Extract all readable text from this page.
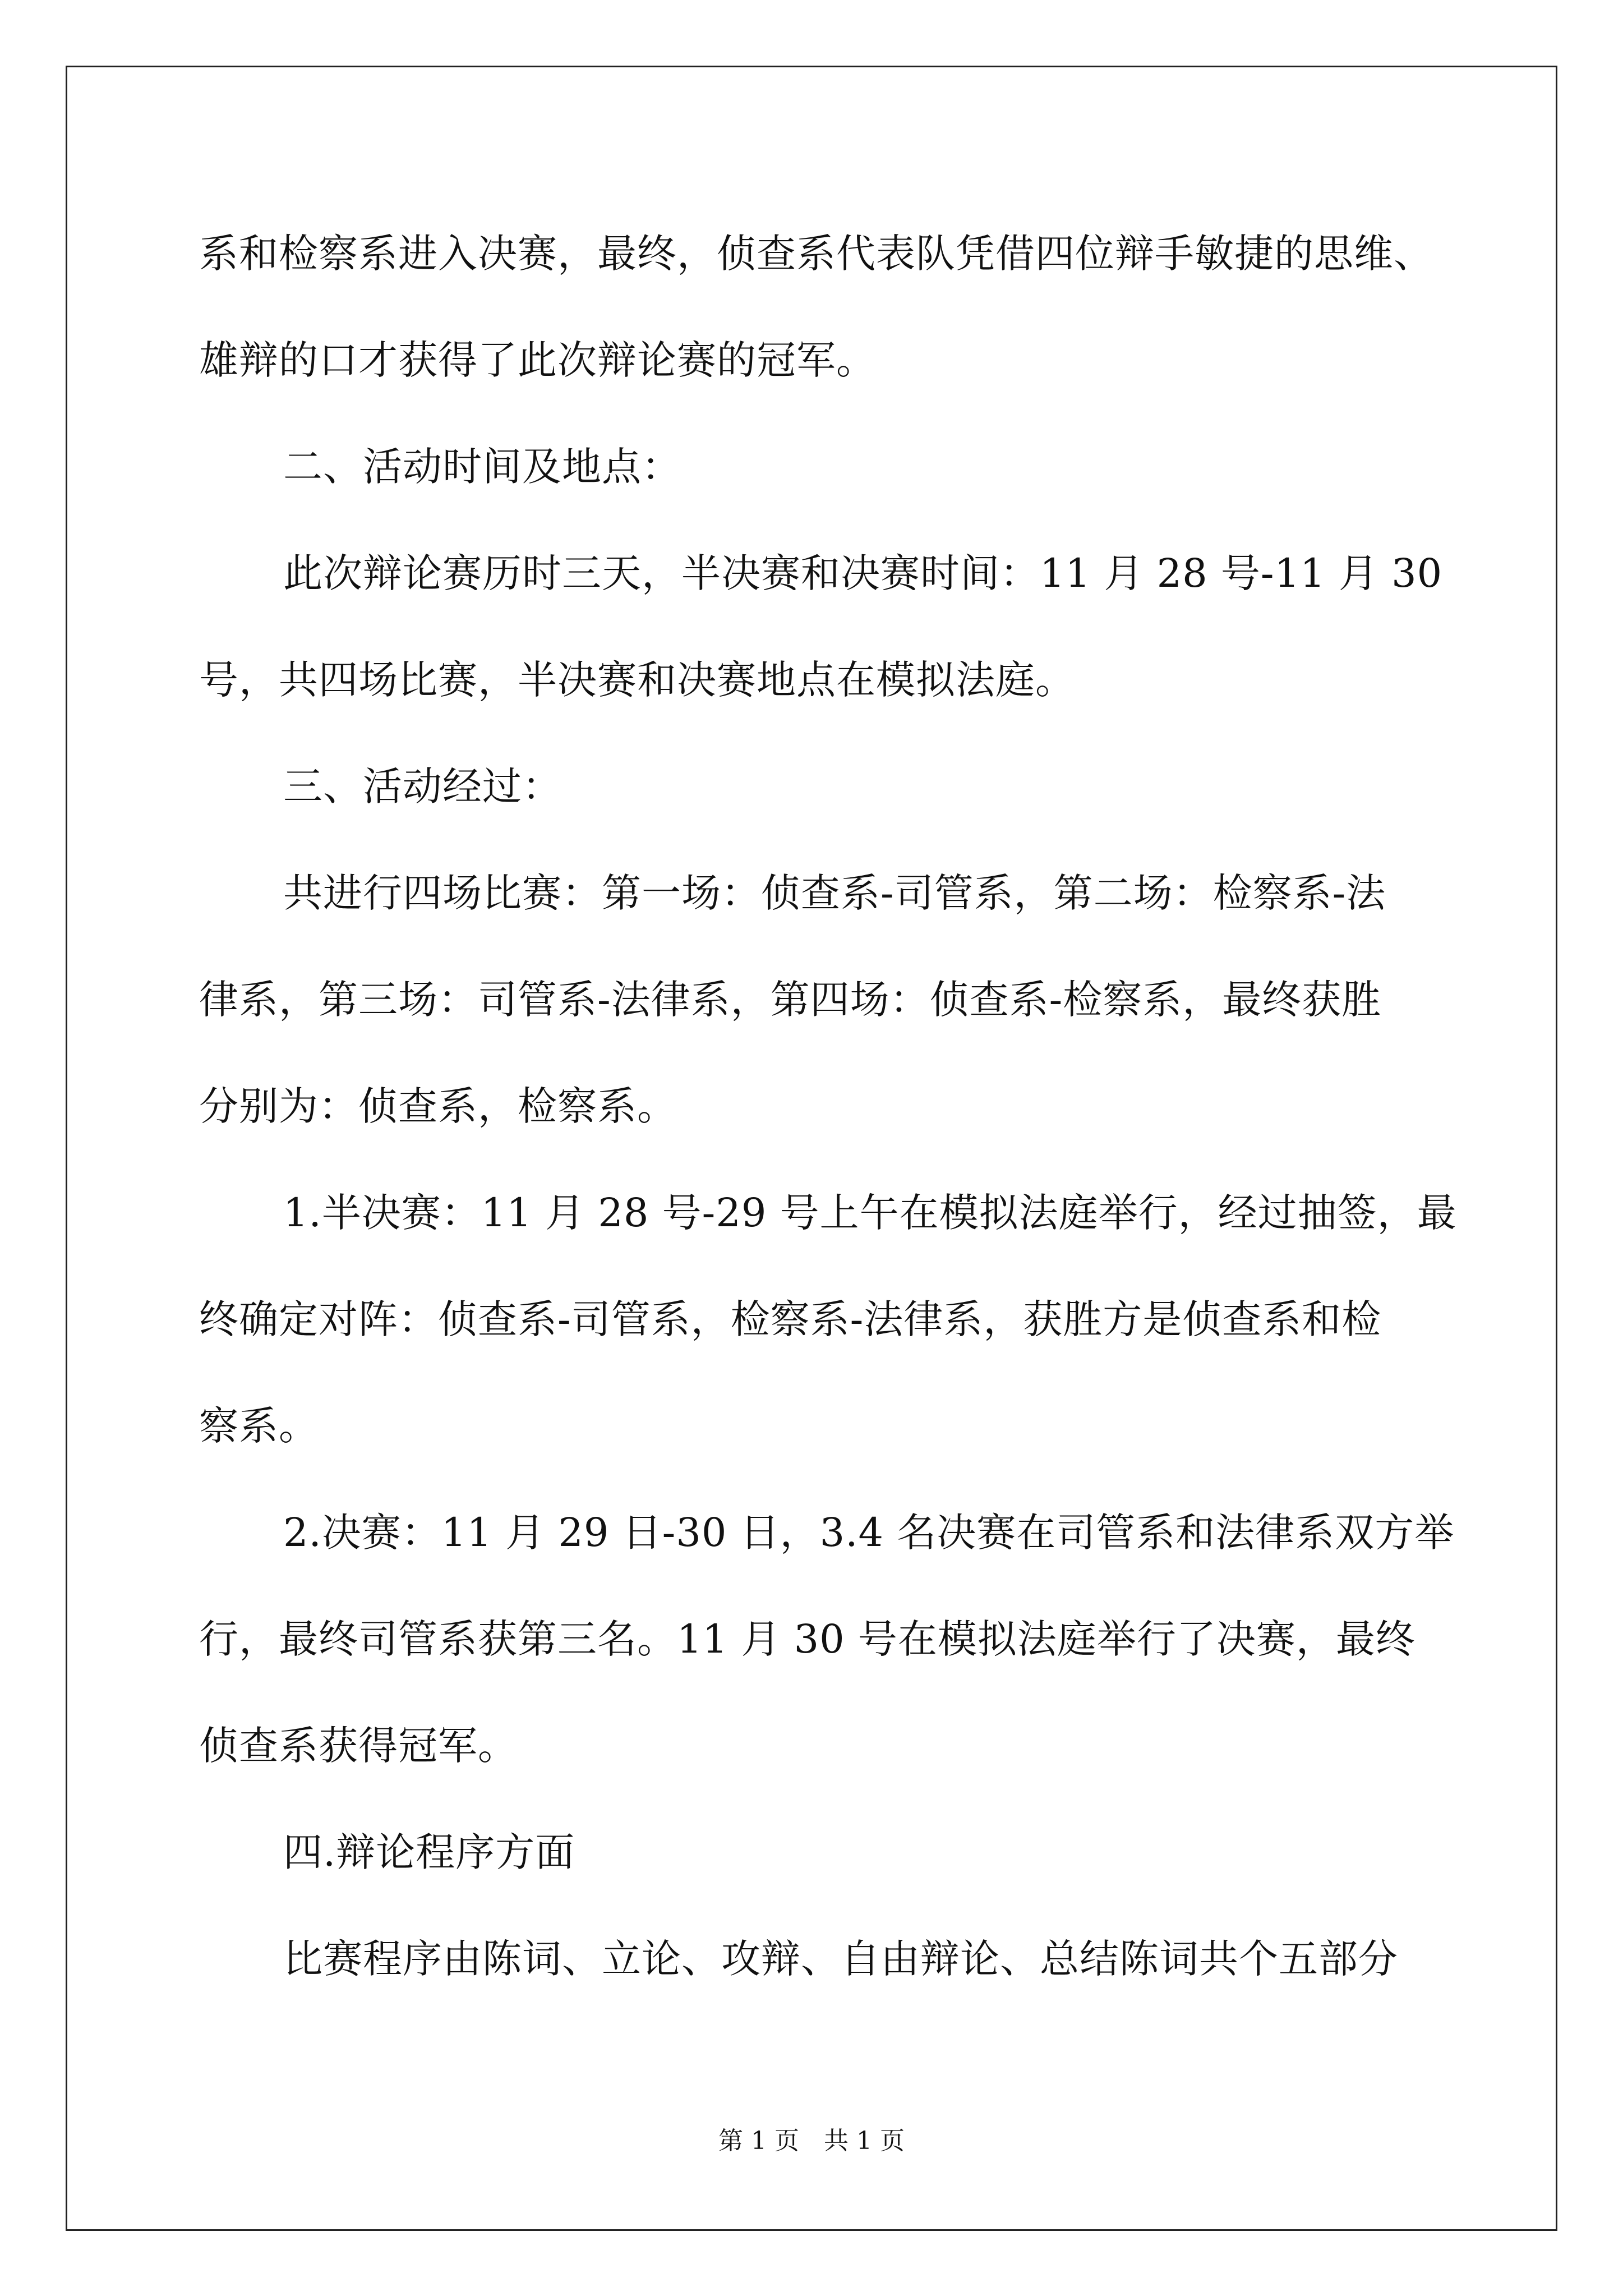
系和检察系进入决赛，最终，侦查系代表队凭借四位辩手敏捷的思维、
雄辩的口才获得了此次辩论赛的冠军。
二、活动时间及地点：
此次辩论赛历时三天，半决赛和决赛时间：11 月 28 号-11 月 30
号，共四场比赛，半决赛和决赛地点在模拟法庭。
三、活动经过：
共进行四场比赛：第一场：侦查系-司管系，第二场：检察系-法
律系，第三场：司管系-法律系，第四场：侦查系-检察系，最终获胜
分别为：侦查系，检察系。
1.半决赛：11 月 28 号-29 号上午在模拟法庭举行，经过抽签，最
终确定对阵：侦查系-司管系，检察系-法律系，获胜方是侦查系和检
察系。
2.决赛：11 月 29 日-30 日，3.4 名决赛在司管系和法律系双方举
行，最终司管系获第三名。11 月 30 号在模拟法庭举行了决赛，最终
侦查系获得冠军。
四.辩论程序方面
比赛程序由陈词、立论、攻辩、自由辩论、总结陈词共个五部分
第 1 页　共 1 页
